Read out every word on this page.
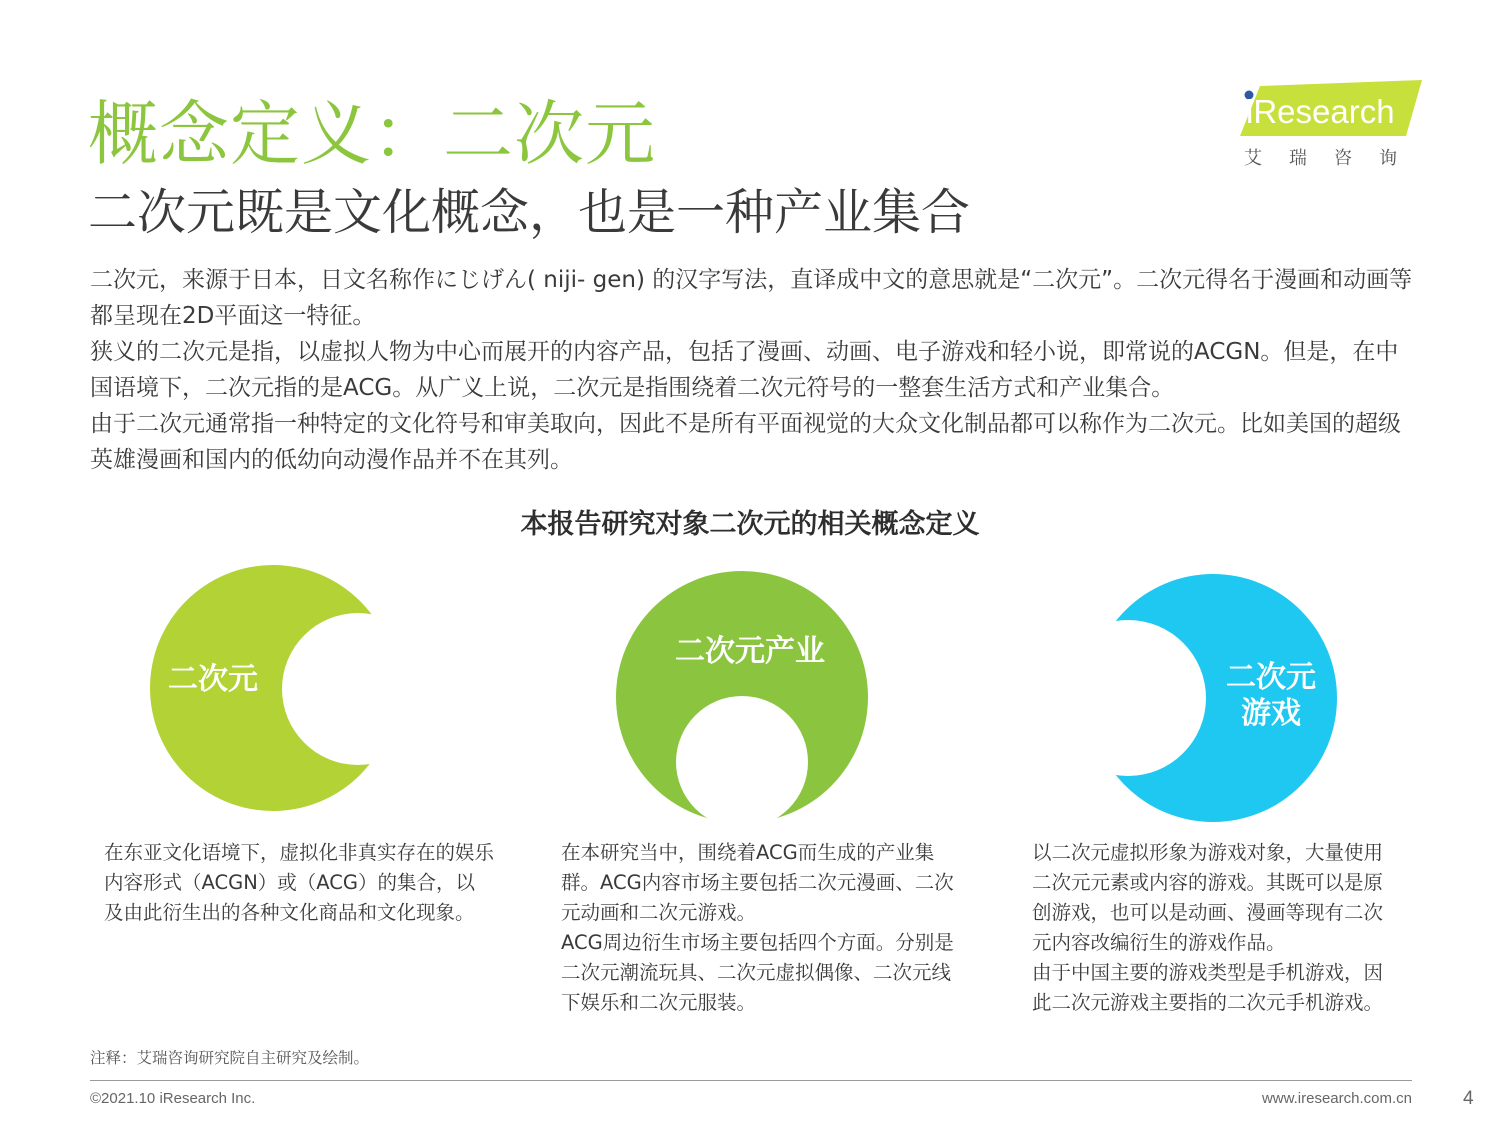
概念定义：二次元
二次元既是文化概念，也是一种产业集合
iResearch
艾瑞咨询

二次元，来源于日本，日文名称作にじげん( niji- gen) 的汉字写法，直译成中文的意思就是“二次元”。二次元得名于漫画和动画等都呈现在2D平面这一特征。

狭义的二次元是指，以虚拟人物为中心而展开的内容产品，包括了漫画、动画、电子游戏和轻小说，即常说的ACGN。但是，在中国语境下，二次元指的是ACG。从广义上说，二次元是指围绕着二次元符号的一整套生活方式和产业集合。

由于二次元通常指一种特定的文化符号和审美取向，因此不是所有平面视觉的大众文化制品都可以称作为二次元。比如美国的超级英雄漫画和国内的低幼向动漫作品并不在其列。

本报告研究对象二次元的相关概念定义
二次元
二次元产业
二次元
游戏

在东亚文化语境下，虚拟化非真实存在的娱乐内容形式（ACGN）或（ACG）的集合，以及由此衍生出的各种文化商品和文化现象。

在本研究当中，围绕着ACG而生成的产业集群。ACG内容市场主要包括二次元漫画、二次元动画和二次元游戏。

ACG周边衍生市场主要包括四个方面。分别是二次元潮流玩具、二次元虚拟偶像、二次元线下娱乐和二次元服装。

以二次元虚拟形象为游戏对象，大量使用二次元元素或内容的游戏。其既可以是原创游戏，也可以是动画、漫画等现有二次元内容改编衍生的游戏作品。

由于中国主要的游戏类型是手机游戏，因此二次元游戏主要指的二次元手机游戏。

注释：艾瑞咨询研究院自主研究及绘制。
©2021.10 iResearch Inc.	www.iresearch.com.cn	4
